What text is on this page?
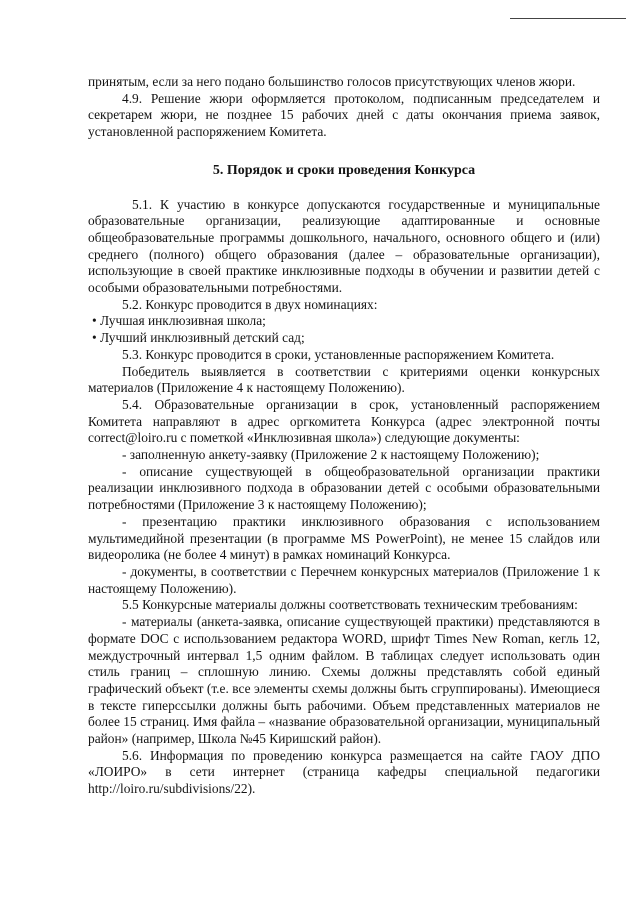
принятым, если за него подано большинство голосов присутствующих членов жюри.

4.9. Решение жюри оформляется протоколом, подписанным председателем и секретарем жюри, не позднее 15 рабочих дней с даты окончания приема заявок, установленной распоряжением Комитета.

5. Порядок и сроки проведения Конкурса

5.1. К участию в конкурсе допускаются государственные и муниципальные образовательные организации, реализующие адаптированные и основные общеобразовательные программы дошкольного, начального, основного общего и (или) среднего (полного) общего образования (далее – образовательные организации), использующие в своей практике инклюзивные подходы в обучении и развитии детей с особыми образовательными потребностями.

5.2. Конкурс проводится в двух номинациях:

• Лучшая инклюзивная школа;

• Лучший инклюзивный детский сад;

5.3. Конкурс проводится в сроки, установленные распоряжением Комитета.

Победитель выявляется в соответствии с критериями оценки конкурсных материалов (Приложение 4 к настоящему Положению).

5.4. Образовательные организации в срок, установленный распоряжением Комитета направляют в адрес оргкомитета Конкурса (адрес электронной почты correct@loiro.ru с пометкой «Инклюзивная школа») следующие документы:

- заполненную анкету-заявку (Приложение 2 к настоящему Положению);

- описание существующей в общеобразовательной организации практики реализации инклюзивного подхода в образовании детей с особыми образовательными потребностями (Приложение 3 к настоящему Положению);

- презентацию практики инклюзивного образования с использованием мультимедийной презентации (в программе MS PowerPoint), не менее 15 слайдов или видеоролика (не более 4 минут) в рамках номинаций Конкурса.

- документы, в соответствии с Перечнем конкурсных материалов (Приложение 1 к настоящему Положению).

5.5 Конкурсные материалы должны соответствовать техническим требованиям:

- материалы (анкета-заявка, описание существующей практики) представляются в формате DOC с использованием редактора WORD, шрифт Times New Roman, кегль 12, междустрочный интервал 1,5 одним файлом. В таблицах следует использовать один стиль границ – сплошную линию. Схемы должны представлять собой единый графический объект (т.е. все элементы схемы должны быть сгруппированы). Имеющиеся в тексте гиперссылки должны быть рабочими. Объем представленных материалов не более 15 страниц. Имя файла – «название образовательной организации, муниципальный район» (например, Школа №45 Киришский район).

5.6. Информация по проведению конкурса размещается на сайте ГАОУ ДПО «ЛОИРО» в сети интернет (страница кафедры специальной педагогики http://loiro.ru/subdivisions/22).
